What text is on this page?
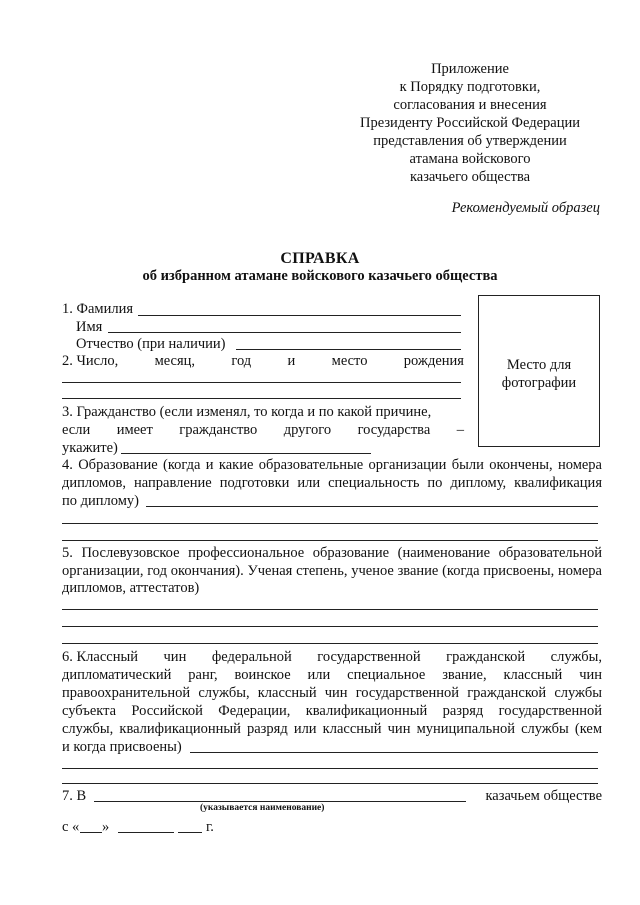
Приложение
к Порядку подготовки,
согласования и внесения
Президенту Российской Федерации
представления об утверждении
атамана войскового
казачьего общества
Рекомендуемый образец
СПРАВКА
об избранном атамане войскового казачьего общества
Место для
фотографии
1. Фамилия
Имя
Отчество (при наличии)
2. Число,	месяц,	год	и	место	рождения
3. Гражданство (если изменял, то когда и по какой причине,
если имеет гражданство другого государства –
укажите)
4. Образование (когда и какие образовательные организации были окончены, номера
дипломов, направление подготовки или специальность по диплому, квалификация
по диплому)
5. Послевузовское профессиональное образование (наименование образовательной организации, год окончания). Ученая степень, ученое звание (когда присвоены, номера дипломов, аттестатов)
6. Классный чин федеральной государственной гражданской службы,
дипломатический ранг, воинское или специальное звание, классный чин
правоохранительной службы, классный чин государственной гражданской службы
субъекта Российской Федерации, квалификационный разряд государственной
службы, квалификационный разряд или классный чин муниципальной службы (кем
и когда присвоены)
7. В	казачьем обществе
(указывается наименование)
с « »	г.
